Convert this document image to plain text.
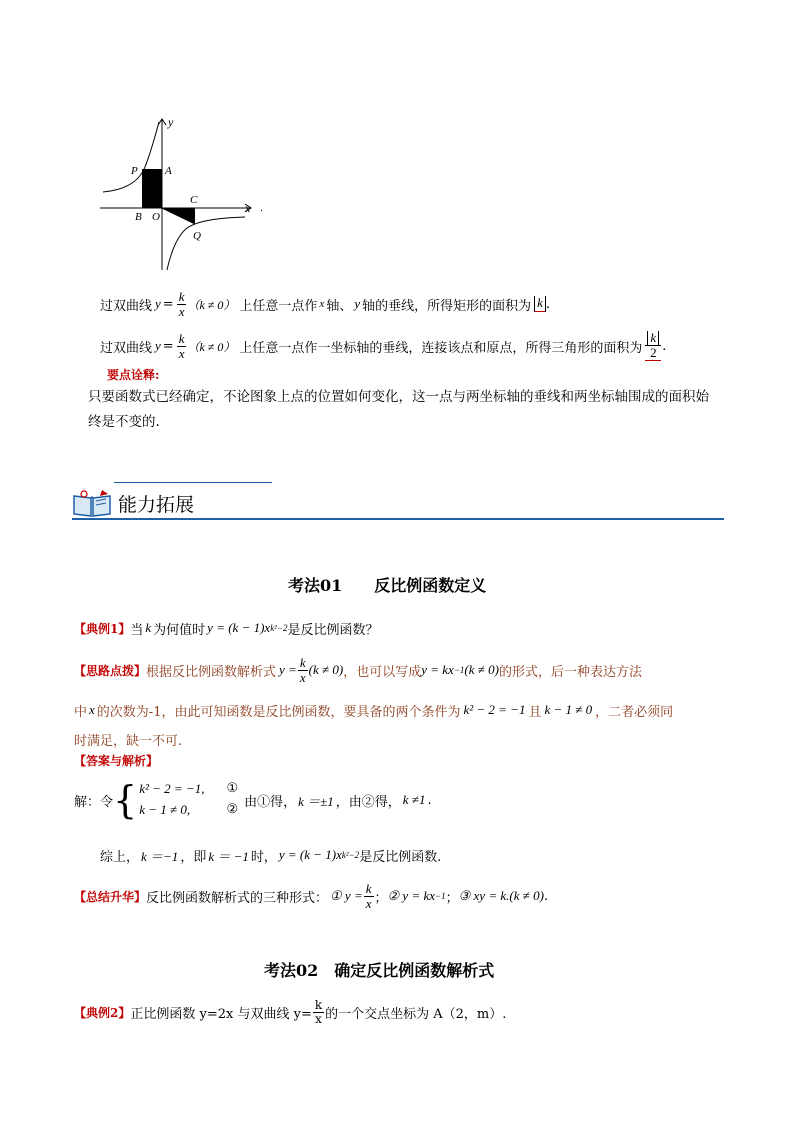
y
x
P A
B O
C
Q
.
过双曲线 $y = \frac{k}{x} (k \ne 0)$ 上任意一点作 x 轴、 y 轴的垂线，所得矩形的面积为 k .
过双曲线 $y = \frac{k}{x} (k \ne 0)$ 上任意一点作一坐标轴的垂线，连接该点和原点，所得三角形的面积为 $\frac{k}{2}$ .
要点诠释:
只要函数式已经确定，不论图象上点的位置如何变化，这一点与两坐标轴的垂线和两坐标轴围成的面积始
终是不变的.
能力拓展
考法01　　反比例函数定义
【典例1】 当 k 为何值时 y = (k − 1)x k²−2 是反比例函数？
【思路点拨】 根据反比例函数解析式 $y = \frac{k}{x} (k \ne 0)$ ，也可以写成 y = kx −1 (k ≠ 0) 的形式，后一种表达方法
中 x 的次数为-1，由此可知函数是反比例函数，要具备的两个条件为 k² − 2 = −1 且 k − 1 ≠ 0 ，二者必须同
时满足，缺一不可.
【答案与解析】
解：令 { k² − 2 = −1,
k − 1 ≠ 0,
①
② 由①得， k ＝±1 ，由②得， k ≠1 .
综上， k ＝−1 ，即 k ＝ −1 时， y = (k − 1)x k²−2 是反比例函数.
【总结升华】 反比例函数解析式的三种形式： ① $y = \frac{k}{x}$ ； ② y = kx −1 ； ③ xy = k.(k ≠ 0) .
考法02　确定反比例函数解析式
【典例2】 正比例函数 y=2x 与双曲线 $y= \frac{k}{x}$ 的一个交点坐标为 A（2，m）.
